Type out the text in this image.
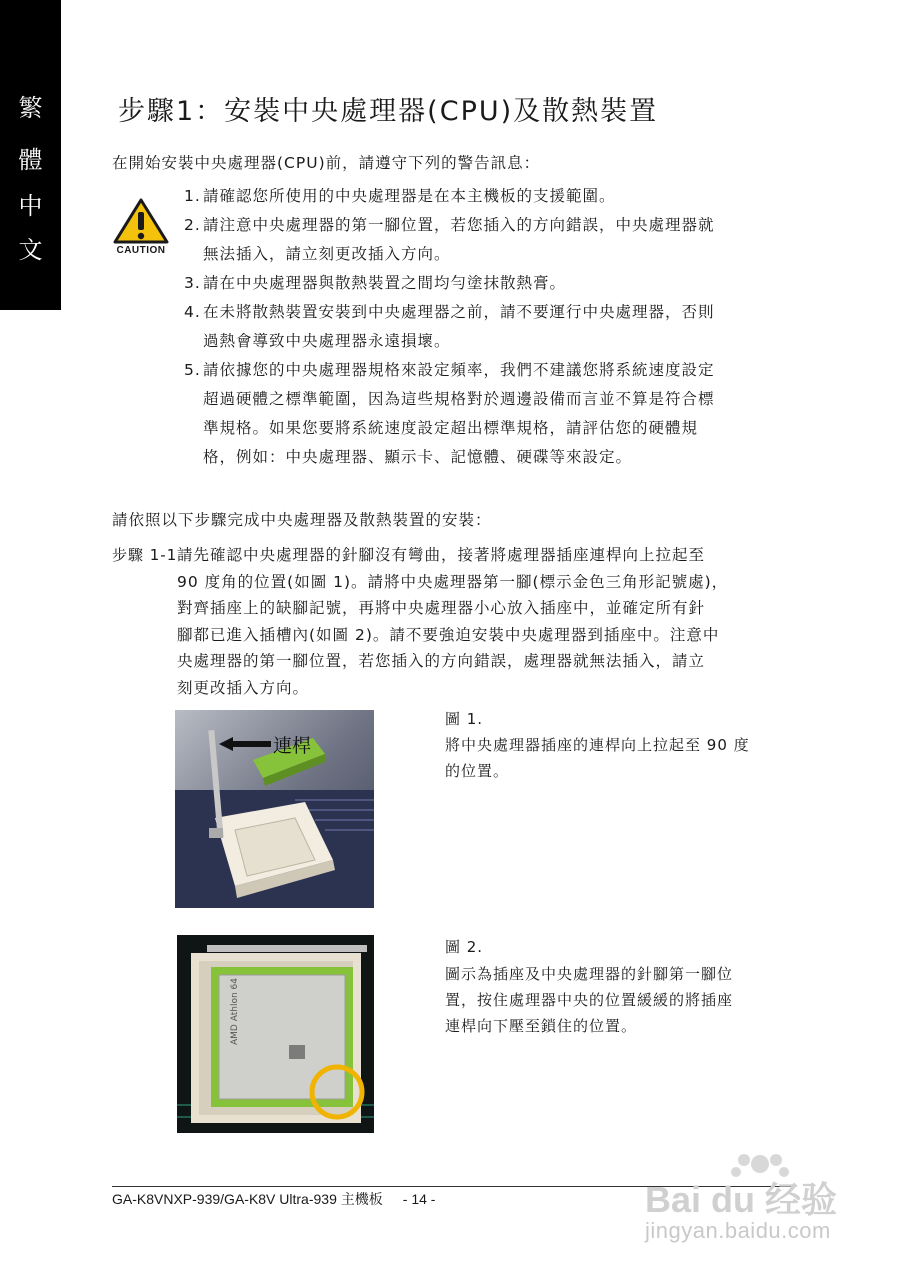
繁
體
中
文
步驟1：安裝中央處理器(CPU)及散熱裝置
在開始安裝中央處理器(CPU)前，請遵守下列的警告訊息：
CAUTION
1. 請確認您所使用的中央處理器是在本主機板的支援範圍。
2. 請注意中央處理器的第一腳位置，若您插入的方向錯誤，中央處理器就
無法插入，請立刻更改插入方向。
3. 請在中央處理器與散熱裝置之間均勻塗抹散熱膏。
4. 在未將散熱裝置安裝到中央處理器之前，請不要運行中央處理器，否則
過熱會導致中央處理器永遠損壞。
5. 請依據您的中央處理器規格來設定頻率，我們不建議您將系統速度設定
超過硬體之標準範圍，因為這些規格對於週邊設備而言並不算是符合標
準規格。如果您要將系統速度設定超出標準規格，請評估您的硬體規
格，例如：中央處理器、顯示卡、記憶體、硬碟等來設定。
請依照以下步驟完成中央處理器及散熱裝置的安裝：
步驟 1-1 請先確認中央處理器的針腳沒有彎曲，接著將處理器插座連桿向上拉起至
90 度角的位置(如圖 1)。請將中央處理器第一腳(標示金色三角形記號處)，
對齊插座上的缺腳記號，再將中央處理器小心放入插座中，並確定所有針
腳都已進入插槽內(如圖 2)。請不要強迫安裝中央處理器到插座中。注意中
央處理器的第一腳位置，若您插入的方向錯誤，處理器就無法插入，請立
刻更改插入方向。
連桿
圖 1.
將中央處理器插座的連桿向上拉起至 90 度
的位置。
AMD Athlon 64
圖 2.
圖示為插座及中央處理器的針腳第一腳位
置，按住處理器中央的位置緩緩的將插座
連桿向下壓至鎖住的位置。
GA-K8VNXP-939/GA-K8V Ultra-939 主機板 - 14 -	Bai du 经验
jingyan.baidu.com
